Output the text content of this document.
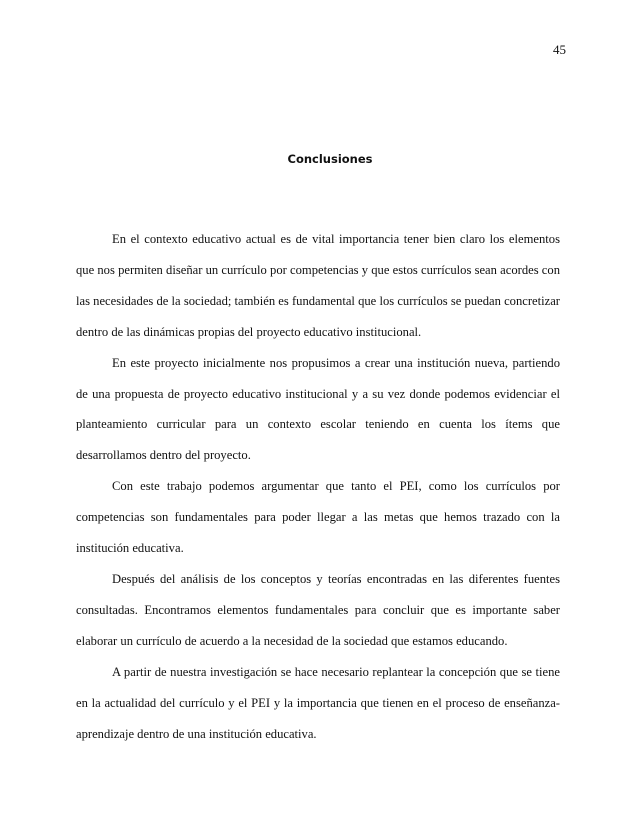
45
Conclusiones

En el contexto educativo actual es de vital importancia tener bien claro los elementos que nos permiten diseñar un currículo por competencias y que estos currículos sean acordes con las necesidades de la sociedad; también es fundamental que los currículos se puedan concretizar dentro de las dinámicas propias del proyecto educativo institucional.

En este proyecto inicialmente nos propusimos a crear una institución nueva, partiendo de una propuesta de proyecto educativo institucional y a su vez donde podemos evidenciar el planteamiento curricular para un contexto escolar teniendo en cuenta los ítems que desarrollamos dentro del proyecto.

Con este trabajo podemos argumentar que tanto el PEI, como los currículos por competencias son fundamentales para poder llegar a las metas que hemos trazado con la institución educativa.

Después del análisis de los conceptos y teorías encontradas en las diferentes fuentes consultadas. Encontramos elementos fundamentales para concluir que es importante saber elaborar un currículo de acuerdo a la necesidad de la sociedad que estamos educando.

A partir de nuestra investigación se hace necesario replantear la concepción que se tiene en la actualidad del currículo y el PEI y la importancia que tienen en el proceso de enseñanza-aprendizaje dentro de una institución educativa.
